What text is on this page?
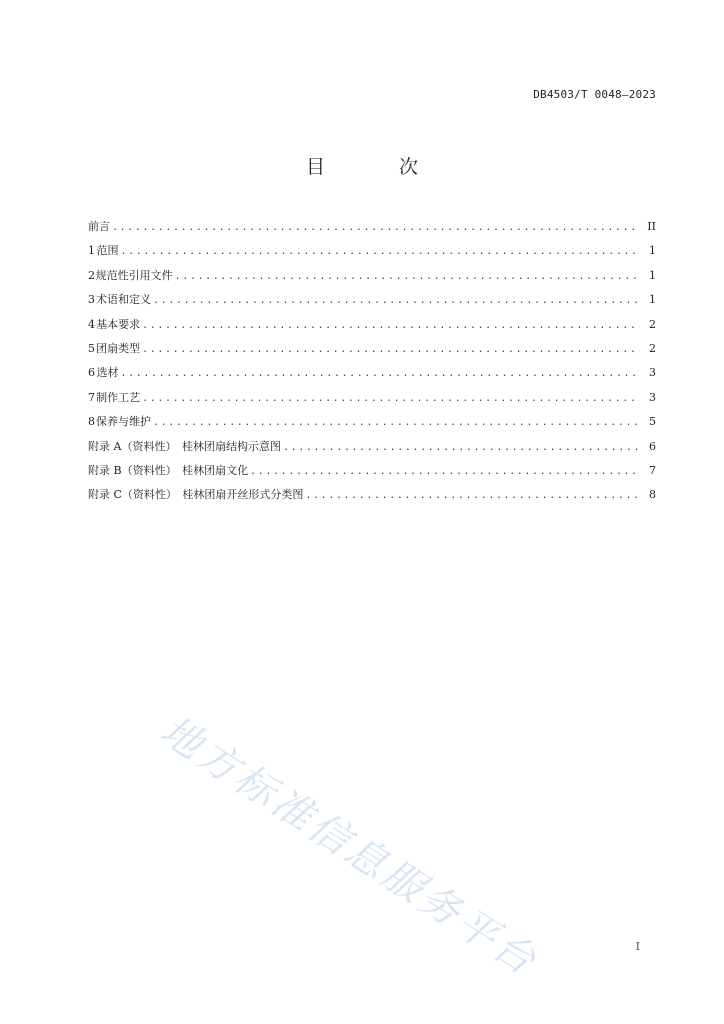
DB4503/T 0048—2023
目 次
前言 .....	II
1 范围 .....	1
2 规范性引用文件 .....	1
3 术语和定义 .....	1
4 基本要求 .....	2
5 团扇类型 .....	2
6 选材 .....	3
7 制作工艺 .....	3
8 保养与维护 .....	5
附录 A（资料性）　桂林团扇结构示意图 .....	6
附录 B（资料性）　桂林团扇文化 .....	7
附录 C（资料性）　桂林团扇开丝形式分类图 .....	8
地方标准信息服务平台	I
